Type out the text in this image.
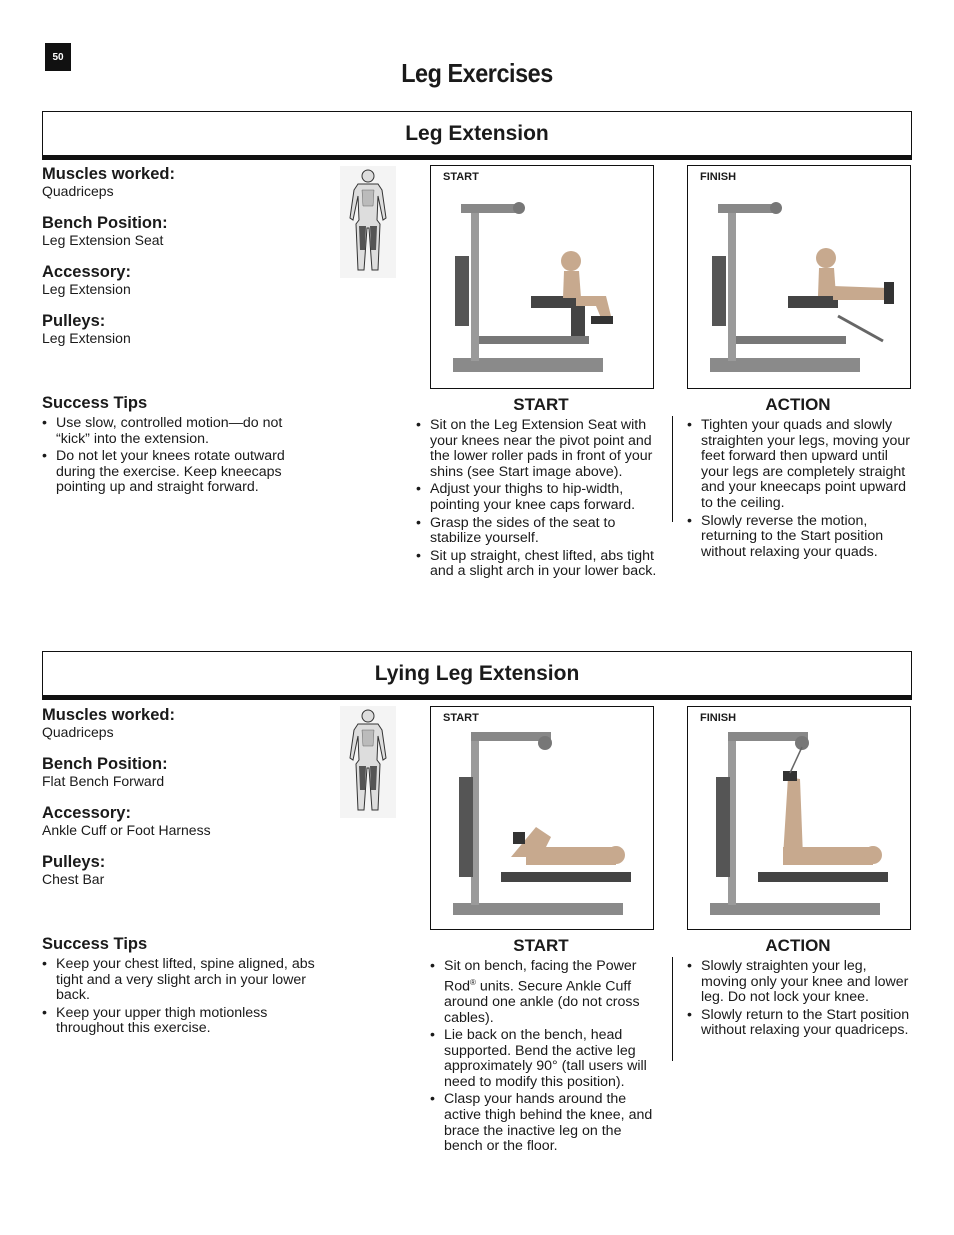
50
Leg Exercises
Leg Extension

Muscles worked:

Quadriceps

Bench Position:

Leg Extension Seat

Accessory:

Leg Extension

Pulleys:

Leg Extension

START	FINISH
Success Tips
• Use slow, controlled motion—do not “kick” into the extension.
• Do not let your knees rotate outward during the exercise. Keep kneecaps pointing up and straight forward.
START
• Sit on the Leg Extension Seat with your knees near the pivot point and the lower roller pads in front of your shins (see Start image above).
• Adjust your thighs to hip-width, pointing your knee caps forward.
• Grasp the sides of the seat to stabilize yourself.
• Sit up straight, chest lifted, abs tight and a slight arch in your lower back.
ACTION
• Tighten your quads and slowly straighten your legs, moving your feet forward then upward until your legs are completely straight and your kneecaps point upward to the ceiling.
• Slowly reverse the motion, returning to the Start position without relaxing your quads.
Lying Leg Extension

Muscles worked:

Quadriceps

Bench Position:

Flat Bench Forward

Accessory:

Ankle Cuff or Foot Harness

Pulleys:

Chest Bar

START	FINISH
Success Tips
• Keep your chest lifted, spine aligned, abs tight and a very slight arch in your lower back.
• Keep your upper thigh motionless throughout this exercise.
START
• Sit on bench, facing the Power Rod® units. Secure Ankle Cuff around one ankle (do not cross cables).
• Lie back on the bench, head supported. Bend the active leg approximately 90° (tall users will need to modify this position).
• Clasp your hands around the active thigh behind the knee, and brace the inactive leg on the bench or the floor.
ACTION
• Slowly straighten your leg, moving only your knee and lower leg. Do not lock your knee.
• Slowly return to the Start position without relaxing your quadriceps.
